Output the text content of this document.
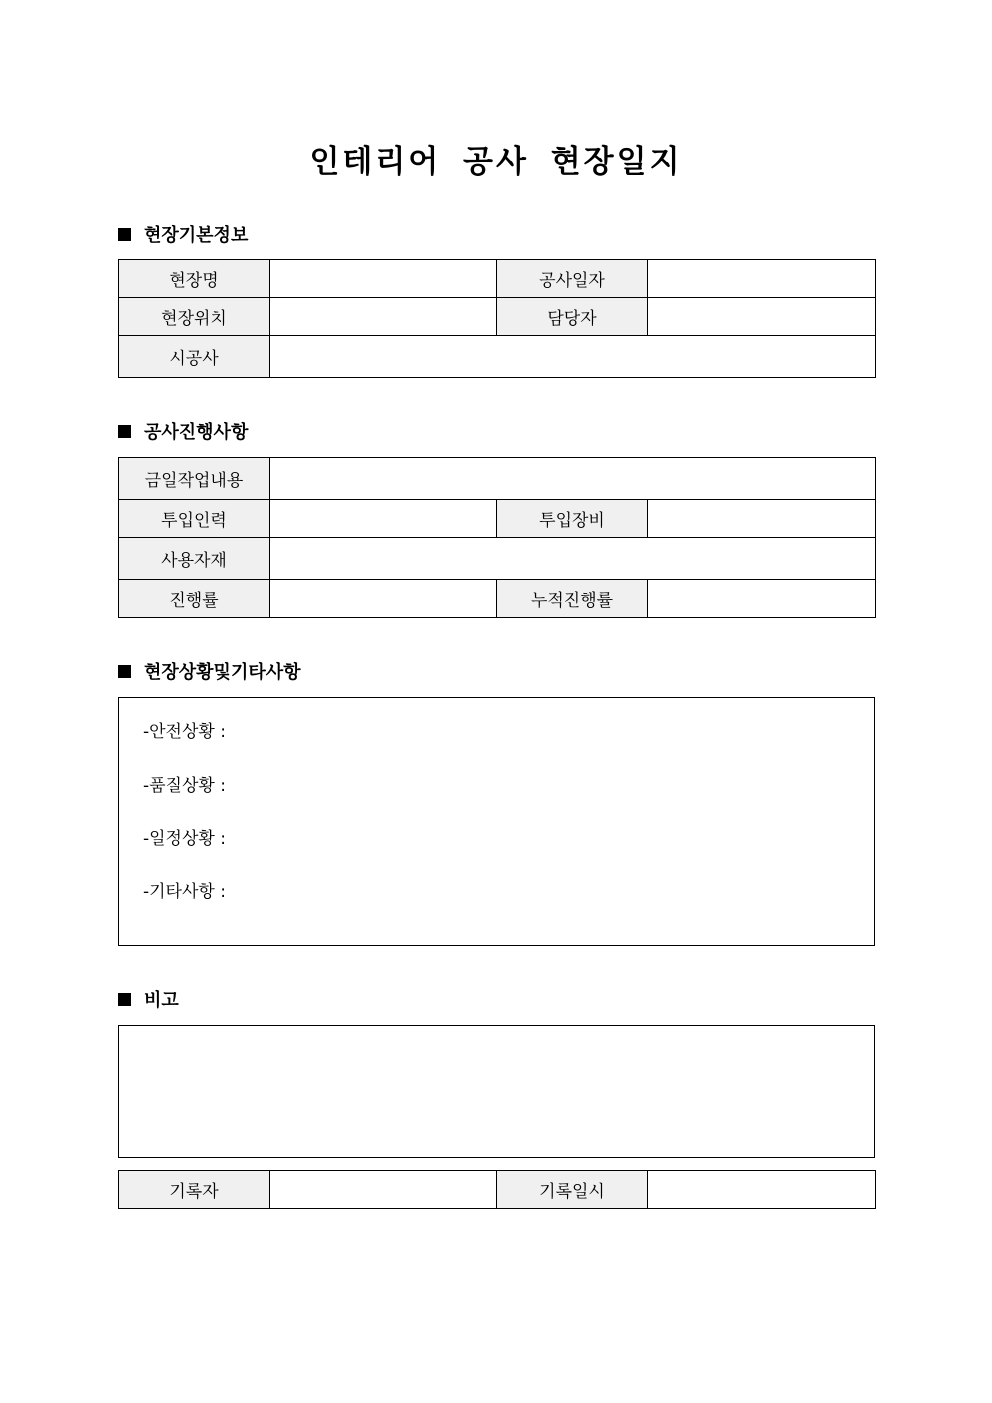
인테리어 공사 현장일지
현장기본정보
현장명		공사일자	
현장위치		담당자	
시공사			
공사진행사항
금일작업내용			
투입인력		투입장비	
사용자재			
진행률		누적진행률	
현장상황및기타사항
-안전상황 :
-품질상황 :
-일정상황 :
-기타사항 :
비고
기록자		기록일시	
